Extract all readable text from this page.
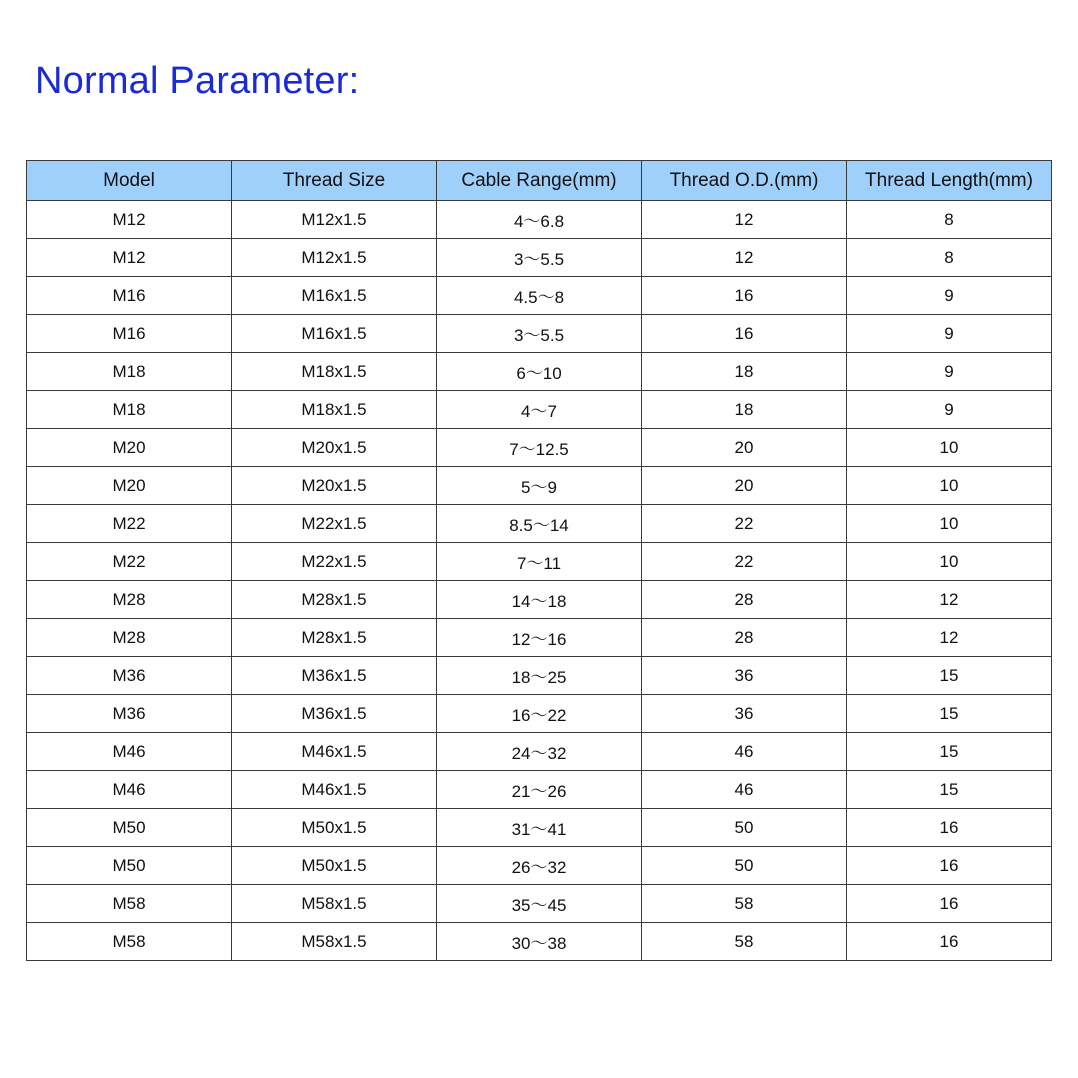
Normal Parameter:
Model	Thread Size	Cable Range(mm)	Thread O.D.(mm)	Thread Length(mm)
M12	M12x1.5	4～6.8	12	8
M12	M12x1.5	3～5.5	12	8
M16	M16x1.5	4.5～8	16	9
M16	M16x1.5	3～5.5	16	9
M18	M18x1.5	6～10	18	9
M18	M18x1.5	4～7	18	9
M20	M20x1.5	7～12.5	20	10
M20	M20x1.5	5～9	20	10
M22	M22x1.5	8.5～14	22	10
M22	M22x1.5	7～11	22	10
M28	M28x1.5	14～18	28	12
M28	M28x1.5	12～16	28	12
M36	M36x1.5	18～25	36	15
M36	M36x1.5	16～22	36	15
M46	M46x1.5	24～32	46	15
M46	M46x1.5	21～26	46	15
M50	M50x1.5	31～41	50	16
M50	M50x1.5	26～32	50	16
M58	M58x1.5	35～45	58	16
M58	M58x1.5	30～38	58	16
